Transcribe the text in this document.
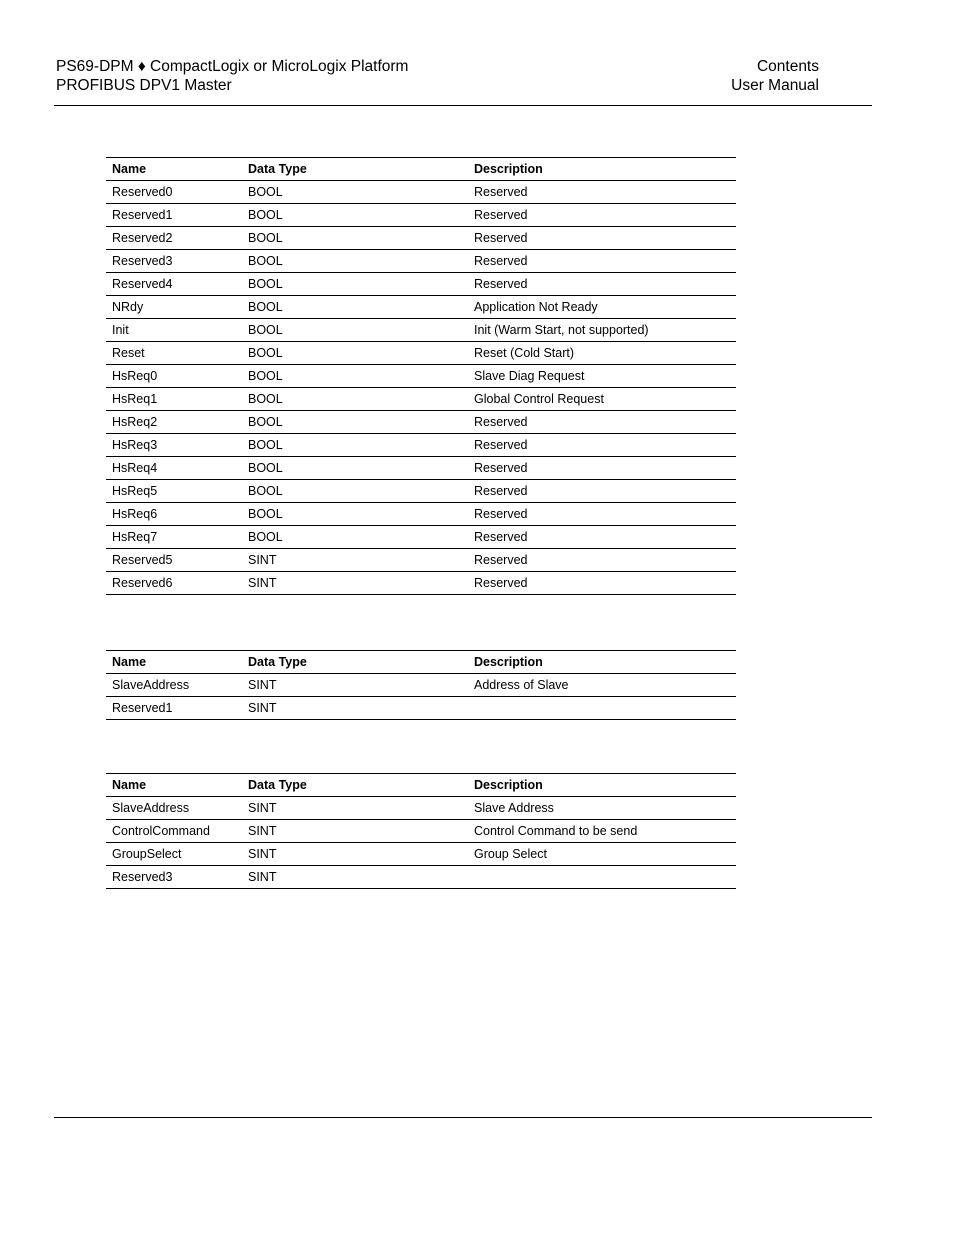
PS69-DPM ♦ CompactLogix or MicroLogix Platform
PROFIBUS DPV1 Master
Contents
User Manual
Name	Data Type	Description
Reserved0	BOOL	Reserved
Reserved1	BOOL	Reserved
Reserved2	BOOL	Reserved
Reserved3	BOOL	Reserved
Reserved4	BOOL	Reserved
NRdy	BOOL	Application Not Ready
Init	BOOL	Init (Warm Start, not supported)
Reset	BOOL	Reset (Cold Start)
HsReq0	BOOL	Slave Diag Request
HsReq1	BOOL	Global Control Request
HsReq2	BOOL	Reserved
HsReq3	BOOL	Reserved
HsReq4	BOOL	Reserved
HsReq5	BOOL	Reserved
HsReq6	BOOL	Reserved
HsReq7	BOOL	Reserved
Reserved5	SINT	Reserved
Reserved6	SINT	Reserved
Name	Data Type	Description
SlaveAddress	SINT	Address of Slave
Reserved1	SINT	
Name	Data Type	Description
SlaveAddress	SINT	Slave Address
ControlCommand	SINT	Control Command to be send
GroupSelect	SINT	Group Select
Reserved3	SINT	
